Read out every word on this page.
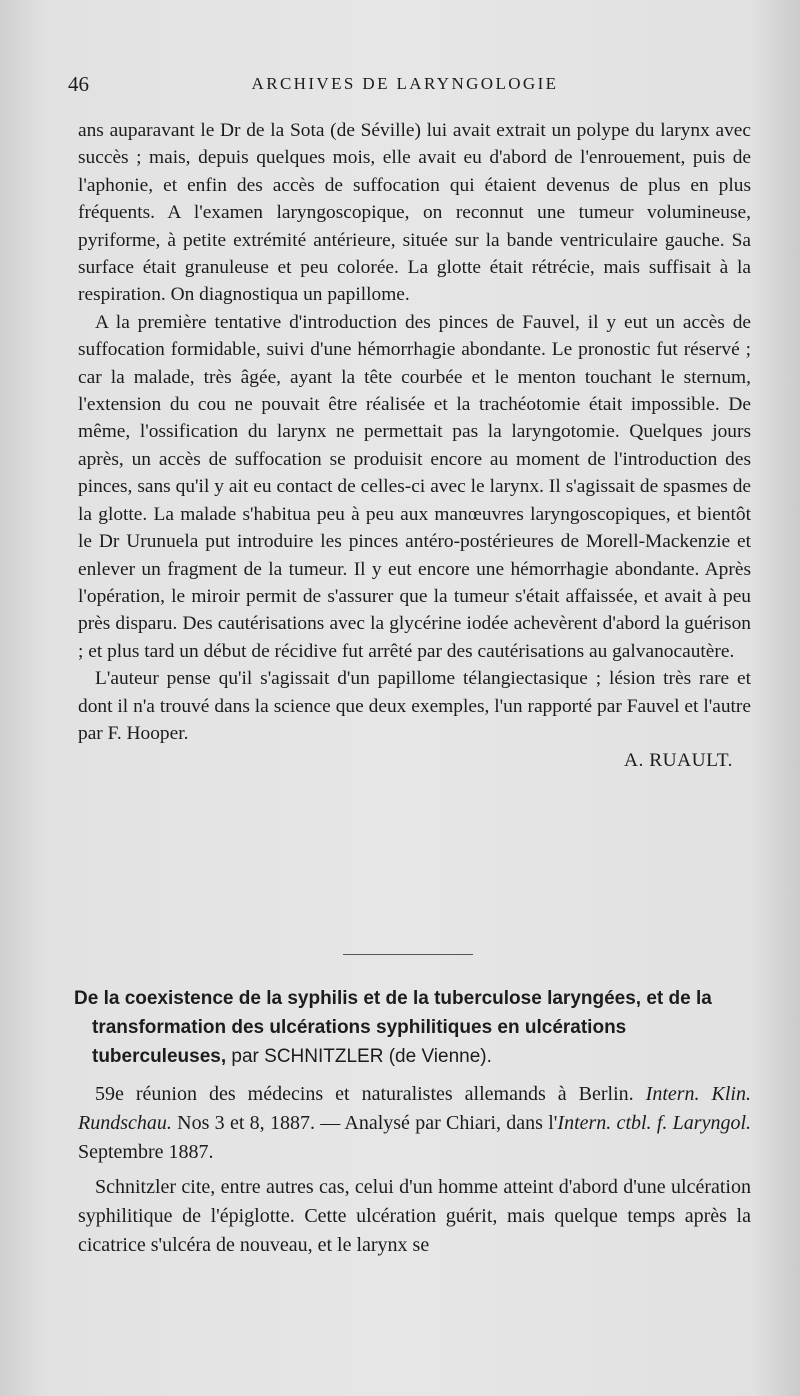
46	ARCHIVES DE LARYNGOLOGIE

ans auparavant le Dr de la Sota (de Séville) lui avait extrait un polype du larynx avec succès ; mais, depuis quelques mois, elle avait eu d'abord de l'enrouement, puis de l'aphonie, et enfin des accès de suffocation qui étaient devenus de plus en plus fréquents. A l'examen laryngoscopique, on reconnut une tumeur volumineuse, pyriforme, à petite extrémité antérieure, située sur la bande ventriculaire gauche. Sa surface était granuleuse et peu colorée. La glotte était rétrécie, mais suffisait à la respiration. On diagnostiqua un papillome.

A la première tentative d'introduction des pinces de Fauvel, il y eut un accès de suffocation formidable, suivi d'une hémorrhagie abondante. Le pronostic fut réservé ; car la malade, très âgée, ayant la tête courbée et le menton touchant le sternum, l'extension du cou ne pouvait être réalisée et la trachéotomie était impossible. De même, l'ossification du larynx ne permettait pas la laryngotomie. Quelques jours après, un accès de suffocation se produisit encore au moment de l'introduction des pinces, sans qu'il y ait eu contact de celles-ci avec le larynx. Il s'agissait de spasmes de la glotte. La malade s'habitua peu à peu aux manœuvres laryngoscopiques, et bientôt le Dr Urunuela put introduire les pinces antéro-postérieures de Morell-Mackenzie et enlever un fragment de la tumeur. Il y eut encore une hémorrhagie abondante. Après l'opération, le miroir permit de s'assurer que la tumeur s'était affaissée, et avait à peu près disparu. Des cautérisations avec la glycérine iodée achevèrent d'abord la guérison ; et plus tard un début de récidive fut arrêté par des cautérisations au galvanocautère.

L'auteur pense qu'il s'agissait d'un papillome télangiectasique ; lésion très rare et dont il n'a trouvé dans la science que deux exemples, l'un rapporté par Fauvel et l'autre par F. Hooper.

A. RUAULT.

De la coexistence de la syphilis et de la tuberculose laryngées, et de la transformation des ulcérations syphilitiques en ulcérations tuberculeuses, par SCHNITZLER (de Vienne).

59e réunion des médecins et naturalistes allemands à Berlin. Intern. Klin. Rundschau. Nos 3 et 8, 1887. — Analysé par Chiari, dans l'Intern. ctbl. f. Laryngol. Septembre 1887.

Schnitzler cite, entre autres cas, celui d'un homme atteint d'abord d'une ulcération syphilitique de l'épiglotte. Cette ulcération guérit, mais quelque temps après la cicatrice s'ulcéra de nouveau, et le larynx se
